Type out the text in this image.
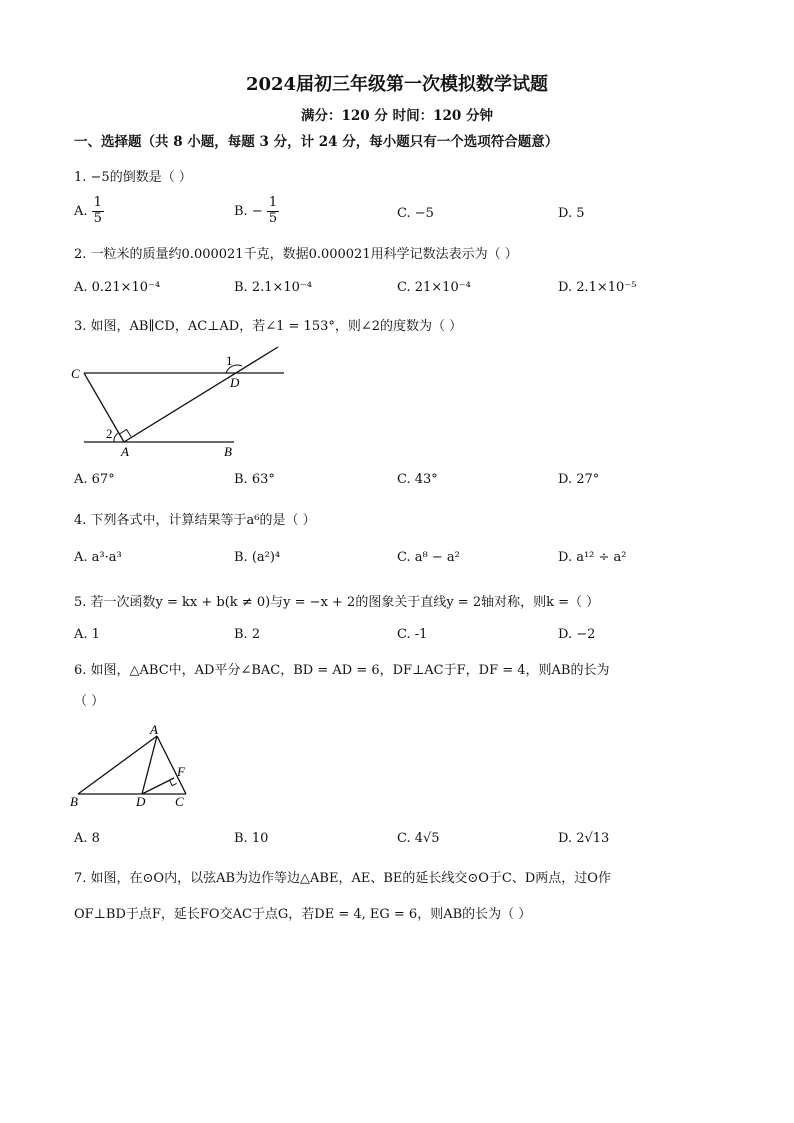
2024届初三年级第一次模拟数学试题
满分：120 分 时间：120 分钟
一、选择题（共 8 小题，每题 3 分，计 24 分，每小题只有一个选项符合题意）
1. −5的倒数是（ ）
A. $\frac{1}{5}$	B. − $\frac{1}{5}$	C. −5	D. 5
2. 一粒米的质量约0.000021千克，数据0.000021用科学记数法表示为（ ）
A. 0.21×10⁻⁴	B. 2.1×10⁻⁴	C. 21×10⁻⁴	D. 2.1×10⁻⁵
3. 如图，AB∥CD，AC⊥AD，若∠1 = 153°，则∠2的度数为（ ）
C
D
A	B
1
2
A. 67°	B. 63°	C. 43°	D. 27°
4. 下列各式中，计算结果等于a⁶的是（ ）
A. a³·a³	B. (a²)⁴	C. a⁸ − a²	D. a¹² ÷ a²
5. 若一次函数y = kx + b(k ≠ 0)与y = −x + 2的图象关于直线y = 2轴对称，则k =（ ）
A. 1	B. 2	C. -1	D. −2
6. 如图，△ABC中，AD平分∠BAC，BD = AD = 6，DF⊥AC于F，DF = 4，则AB的长为
（ ）
A
B	C
D
F
A. 8	B. 10	C. 4√5	D. 2√13
7. 如图，在⊙O内，以弦AB为边作等边△ABE，AE、BE的延长线交⊙O于C、D两点，过O作
OF⊥BD于点F，延长FO交AC于点G，若DE = 4, EG = 6，则AB的长为（ ）
